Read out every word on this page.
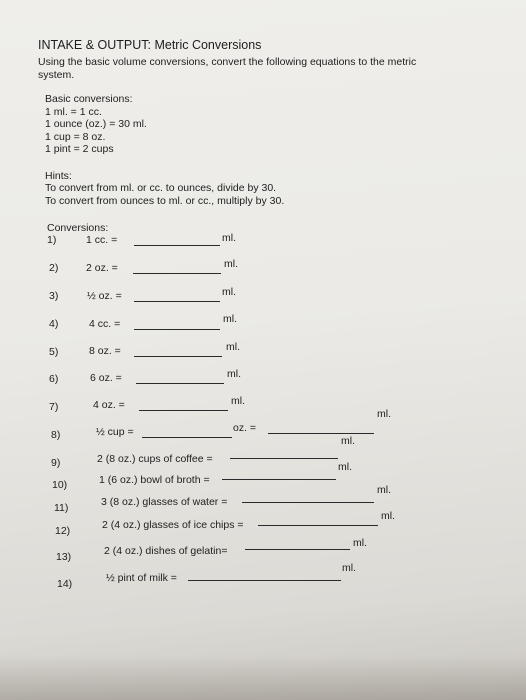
INTAKE & OUTPUT: Metric Conversions
Using the basic volume conversions, convert the following equations to the metric
system.
Basic conversions:
1 ml. = 1 cc.
1 ounce (oz.) = 30 ml.
1 cup = 8 oz.
1 pint = 2 cups
Hints:
To convert from ml. or cc. to ounces, divide by 30.
To convert from ounces to ml. or cc., multiply by 30.
Conversions:
1)	1 cc. =	ml.
2)	2 oz. =	ml.
3)	½ oz. =	ml.
4)	4 cc. =	ml.
5)	8 oz. =	ml.
6)	6 oz. =	ml.
7)	4 oz. =	ml.
8)	½ cup =	oz. =
ml.
9)	2 (8 oz.) cups of coffee =
ml.
10)	1 (6 oz.) bowl of broth =
ml.
11)	3 (8 oz.) glasses of water =
ml.
12)	2 (4 oz.) glasses of ice chips =
ml.
13)	2 (4 oz.) dishes of gelatin=
ml.
14)	½ pint of milk =
ml.
